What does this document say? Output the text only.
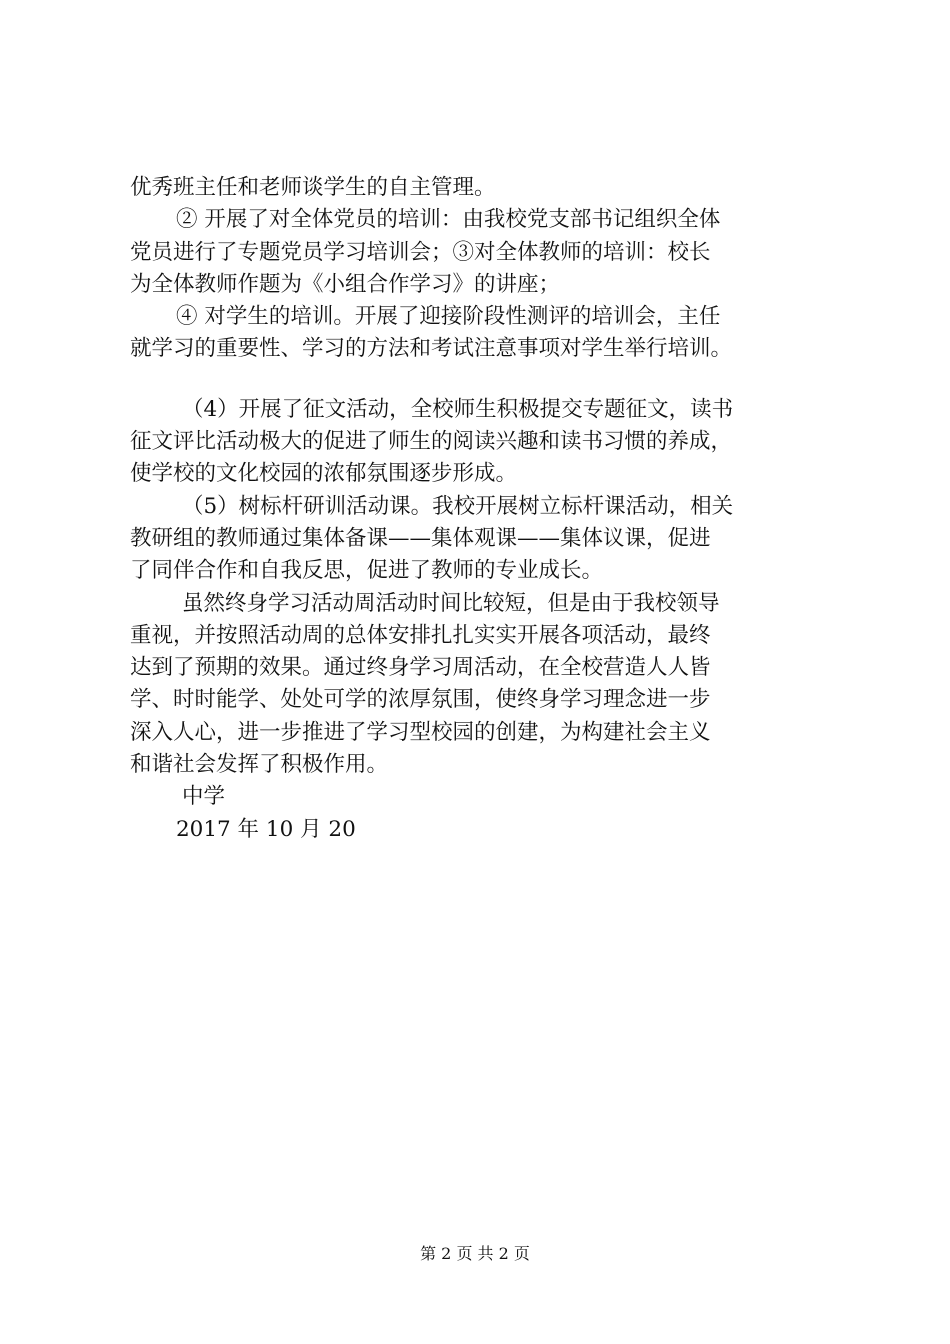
优秀班主任和老师谈学生的自主管理。
② 开展了对全体党员的培训：由我校党支部书记组织全体
党员进行了专题党员学习培训会；③对全体教师的培训：校长
为全体教师作题为《小组合作学习》的讲座；
④ 对学生的培训。开展了迎接阶段性测评的培训会，主任
就学习的重要性、学习的方法和考试注意事项对学生举行培训。
（4）开展了征文活动，全校师生积极提交专题征文，读书
征文评比活动极大的促进了师生的阅读兴趣和读书习惯的养成，
使学校的文化校园的浓郁氛围逐步形成。
（5）树标杆研训活动课。我校开展树立标杆课活动，相关
教研组的教师通过集体备课——集体观课——集体议课，促进
了同伴合作和自我反思，促进了教师的专业成长。
虽然终身学习活动周活动时间比较短，但是由于我校领导
重视，并按照活动周的总体安排扎扎实实开展各项活动，最终
达到了预期的效果。通过终身学习周活动，在全校营造人人皆
学、时时能学、处处可学的浓厚氛围，使终身学习理念进一步
深入人心，进一步推进了学习型校园的创建，为构建社会主义
和谐社会发挥了积极作用。
中学
2017 年 10 月 20
第 2 页 共 2 页
